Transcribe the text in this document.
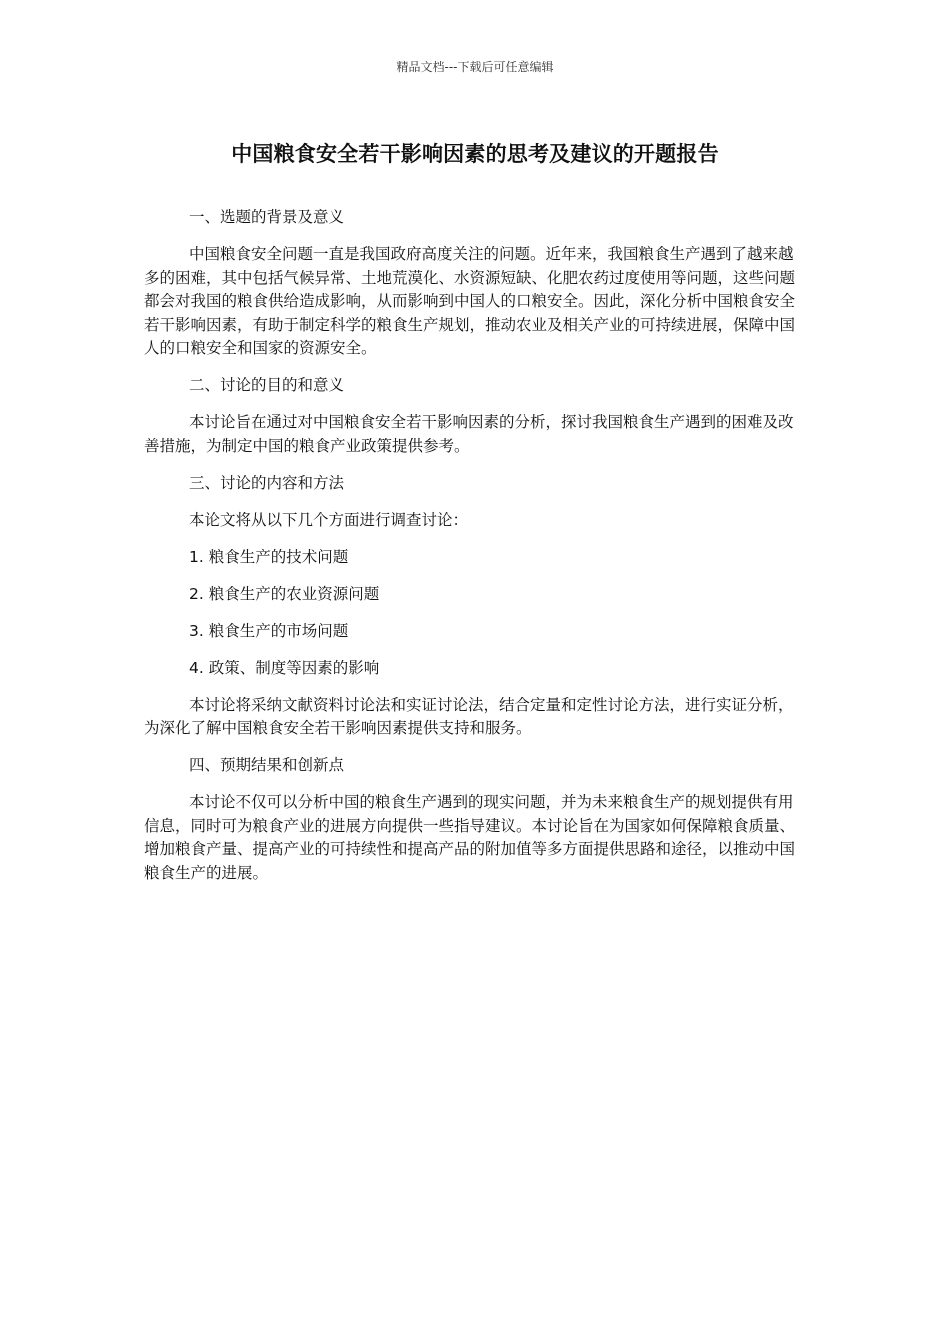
精品文档---下载后可任意编辑
中国粮食安全若干影响因素的思考及建议的开题报告

一、选题的背景及意义

中国粮食安全问题一直是我国政府高度关注的问题。近年来，我国粮食生产遇到了越来越多的困难，其中包括气候异常、土地荒漠化、水资源短缺、化肥农药过度使用等问题，这些问题都会对我国的粮食供给造成影响，从而影响到中国人的口粮安全。因此，深化分析中国粮食安全若干影响因素，有助于制定科学的粮食生产规划，推动农业及相关产业的可持续进展，保障中国人的口粮安全和国家的资源安全。

二、讨论的目的和意义

本讨论旨在通过对中国粮食安全若干影响因素的分析，探讨我国粮食生产遇到的困难及改善措施，为制定中国的粮食产业政策提供参考。

三、讨论的内容和方法

本论文将从以下几个方面进行调查讨论：

1. 粮食生产的技术问题

2. 粮食生产的农业资源问题

3. 粮食生产的市场问题

4. 政策、制度等因素的影响

本讨论将采纳文献资料讨论法和实证讨论法，结合定量和定性讨论方法，进行实证分析，为深化了解中国粮食安全若干影响因素提供支持和服务。

四、预期结果和创新点

本讨论不仅可以分析中国的粮食生产遇到的现实问题，并为未来粮食生产的规划提供有用信息，同时可为粮食产业的进展方向提供一些指导建议。本讨论旨在为国家如何保障粮食质量、增加粮食产量、提高产业的可持续性和提高产品的附加值等多方面提供思路和途径，以推动中国粮食生产的进展。
